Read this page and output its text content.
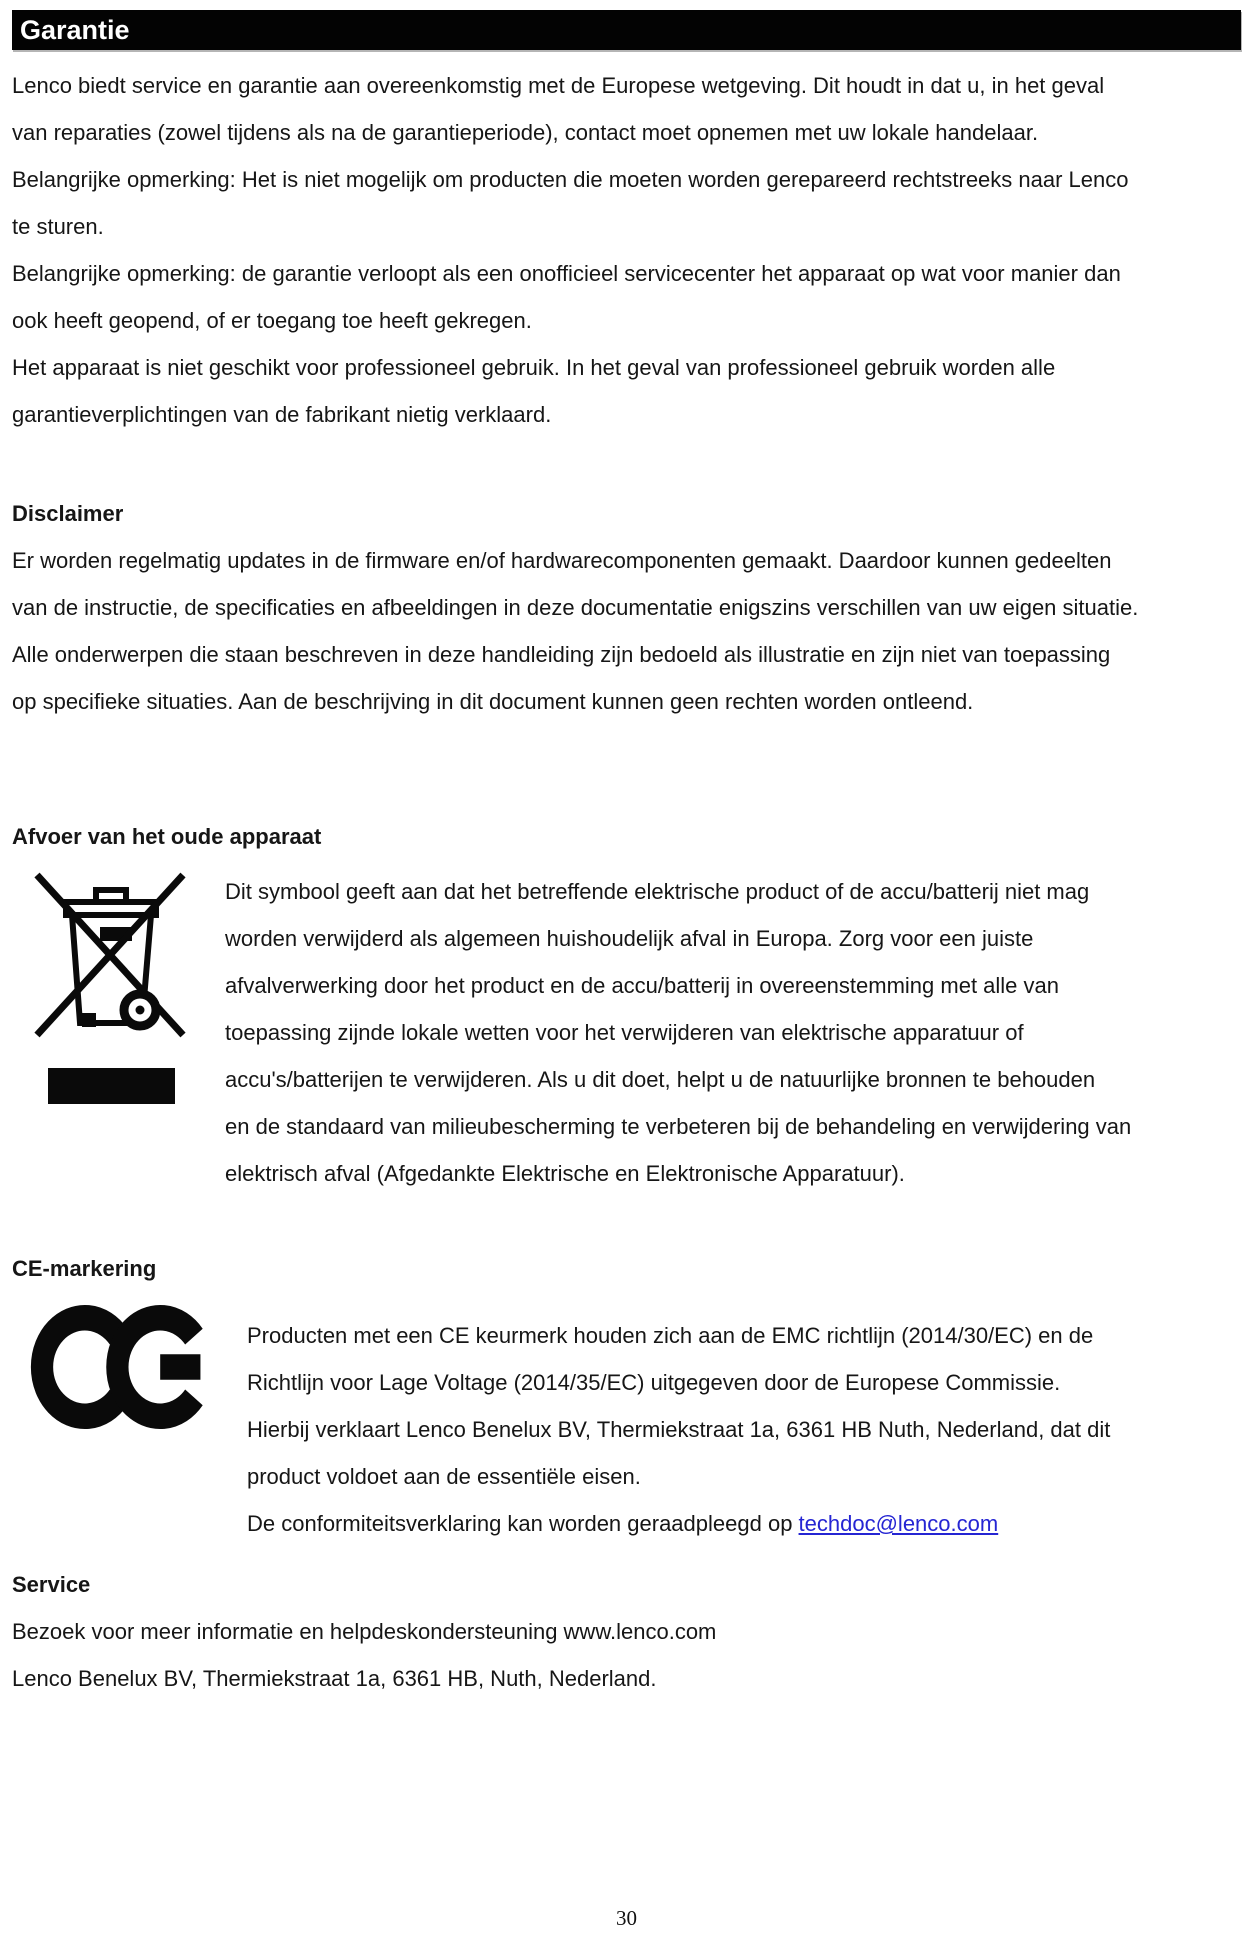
Garantie
Lenco biedt service en garantie aan overeenkomstig met de Europese wetgeving. Dit houdt in dat u, in het geval
van reparaties (zowel tijdens als na de garantieperiode), contact moet opnemen met uw lokale handelaar.
Belangrijke opmerking: Het is niet mogelijk om producten die moeten worden gerepareerd rechtstreeks naar Lenco
te sturen.
Belangrijke opmerking: de garantie verloopt als een onofficieel servicecenter het apparaat op wat voor manier dan
ook heeft geopend, of er toegang toe heeft gekregen.
Het apparaat is niet geschikt voor professioneel gebruik. In het geval van professioneel gebruik worden alle
garantieverplichtingen van de fabrikant nietig verklaard.
Disclaimer
Er worden regelmatig updates in de firmware en/of hardwarecomponenten gemaakt. Daardoor kunnen gedeelten
van de instructie, de specificaties en afbeeldingen in deze documentatie enigszins verschillen van uw eigen situatie.
Alle onderwerpen die staan beschreven in deze handleiding zijn bedoeld als illustratie en zijn niet van toepassing
op specifieke situaties. Aan de beschrijving in dit document kunnen geen rechten worden ontleend.
Afvoer van het oude apparaat
Dit symbool geeft aan dat het betreffende elektrische product of de accu/batterij niet mag
worden verwijderd als algemeen huishoudelijk afval in Europa. Zorg voor een juiste
afvalverwerking door het product en de accu/batterij in overeenstemming met alle van
toepassing zijnde lokale wetten voor het verwijderen van elektrische apparatuur of
accu's/batterijen te verwijderen. Als u dit doet, helpt u de natuurlijke bronnen te behouden
en de standaard van milieubescherming te verbeteren bij de behandeling en verwijdering van
elektrisch afval (Afgedankte Elektrische en Elektronische Apparatuur).
CE-markering
Producten met een CE keurmerk houden zich aan de EMC richtlijn (2014/30/EC) en de
Richtlijn voor Lage Voltage (2014/35/EC) uitgegeven door de Europese Commissie.
Hierbij verklaart Lenco Benelux BV, Thermiekstraat 1a, 6361 HB Nuth, Nederland, dat dit
product voldoet aan de essentiële eisen.
De conformiteitsverklaring kan worden geraadpleegd op techdoc@lenco.com
Service
Bezoek voor meer informatie en helpdeskondersteuning www.lenco.com
Lenco Benelux BV, Thermiekstraat 1a, 6361 HB, Nuth, Nederland.
30
